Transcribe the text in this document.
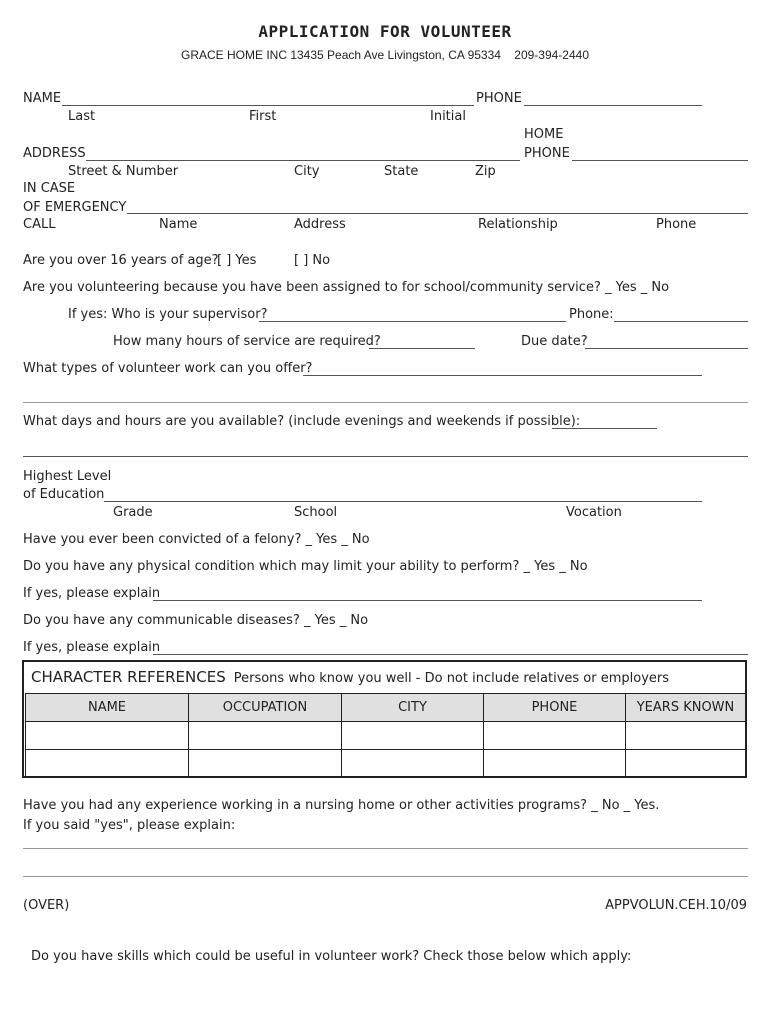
APPLICATION FOR VOLUNTEER
GRACE HOME INC 13435 Peach Ave Livingston, CA 95334    209-394-2440
NAME	PHONE
Last	First	Initial
HOME
ADDRESS	PHONE
Street & Number	City	State	Zip
IN CASE
OF EMERGENCY
CALL	Name	Address	Relationship	Phone
Are you over 16 years of age?
[ ] Yes	[ ] No
Are you volunteering because you have been assigned to for school/community service? _ Yes _ No
If yes: Who is your supervisor?	Phone:
How many hours of service are required?	Due date?
What types of volunteer work can you offer?
What days and hours are you available? (include evenings and weekends if possible):
Highest Level
of Education
Grade	School	Vocation
Have you ever been convicted of a felony? _ Yes _ No
Do you have any physical condition which may limit your ability to perform? _ Yes _ No
If yes, please explain
Do you have any communicable diseases? _ Yes _ No
If yes, please explain
CHARACTER REFERENCES Persons who know you well - Do not include relatives or employers
NAME	OCCUPATION	CITY	PHONE	YEARS KNOWN

Have you had any experience working in a nursing home or other activities programs? _ No _ Yes.
If you said "yes", please explain:
(OVER)	APPVOLUN.CEH.10/09
Do you have skills which could be useful in volunteer work? Check those below which apply:
